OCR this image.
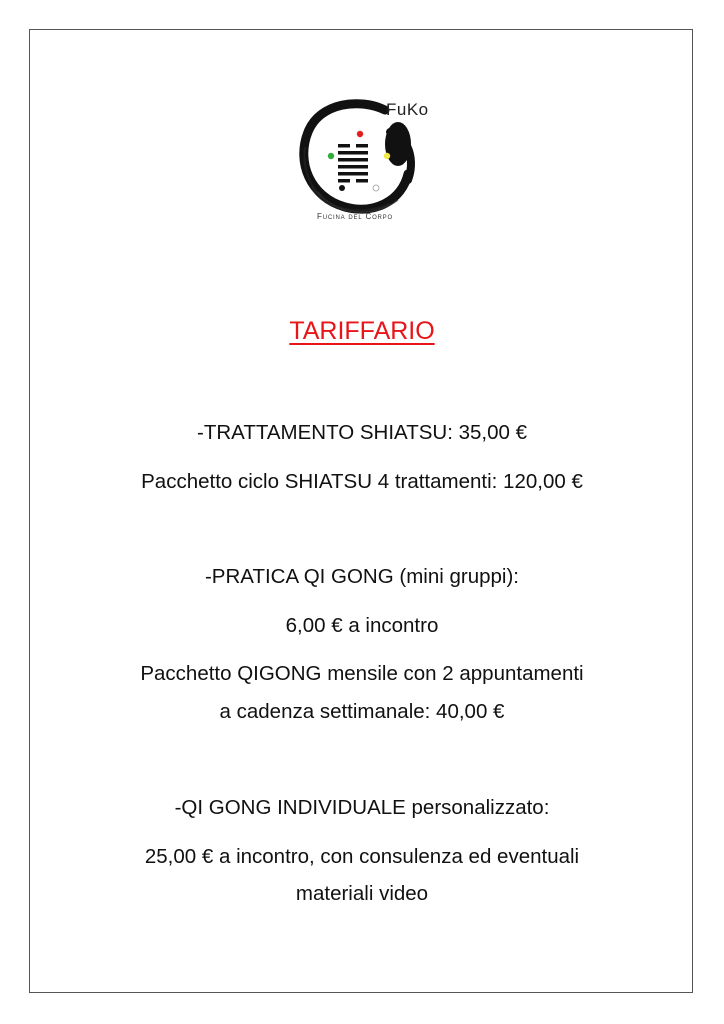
FuKo
Fucina del Corpo
TARIFFARIO
-TRATTAMENTO SHIATSU: 35,00 €
Pacchetto ciclo SHIATSU 4 trattamenti: 120,00 €
-PRATICA QI GONG (mini gruppi):
6,00 € a incontro
Pacchetto QIGONG mensile con 2 appuntamenti
a cadenza settimanale: 40,00 €
-QI GONG INDIVIDUALE personalizzato:
25,00 € a incontro, con consulenza ed eventuali
materiali video
